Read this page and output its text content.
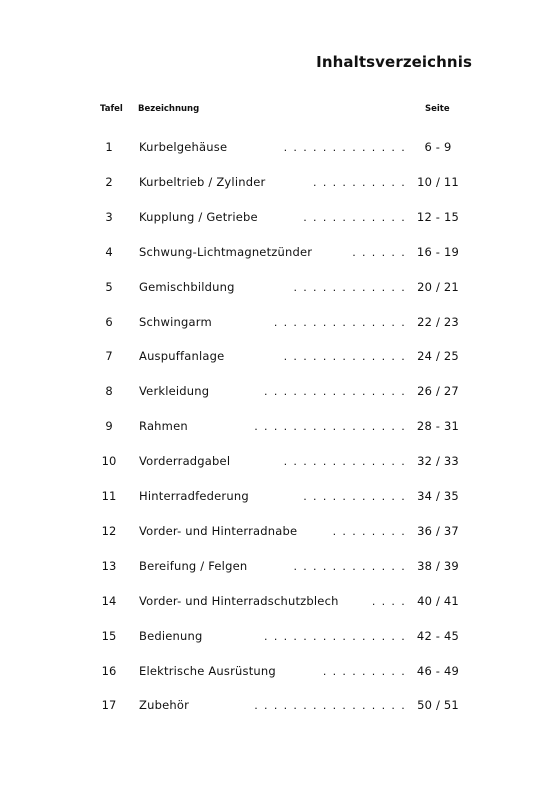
Inhaltsverzeichnis
Tafel Bezeichnung	Seite
1	Kurbelgehäuse	.............	6 - 9
2	Kurbeltrieb / Zylinder	.......... 10 / 11
3	Kupplung / Getriebe	........... 12 - 15
4	Schwung-Lichtmagnetzünder	...... 16 - 19
5	Gemischbildung	............ 20 / 21
6	Schwingarm	.............. 22 / 23
7	Auspuffanlage	............. 24 / 25
8	Verkleidung	............... 26 / 27
9	Rahmen	................ 28 - 31
10	Vorderradgabel	............. 32 / 33
11	Hinterradfederung	........... 34 / 35
12	Vorder- und Hinterradnabe	........ 36 / 37
13	Bereifung / Felgen	............ 38 / 39
14	Vorder- und Hinterradschutzblech	.... 40 / 41
15	Bedienung	............... 42 - 45
16	Elektrische Ausrüstung	......... 46 - 49
17	Zubehör	................ 50 / 51
